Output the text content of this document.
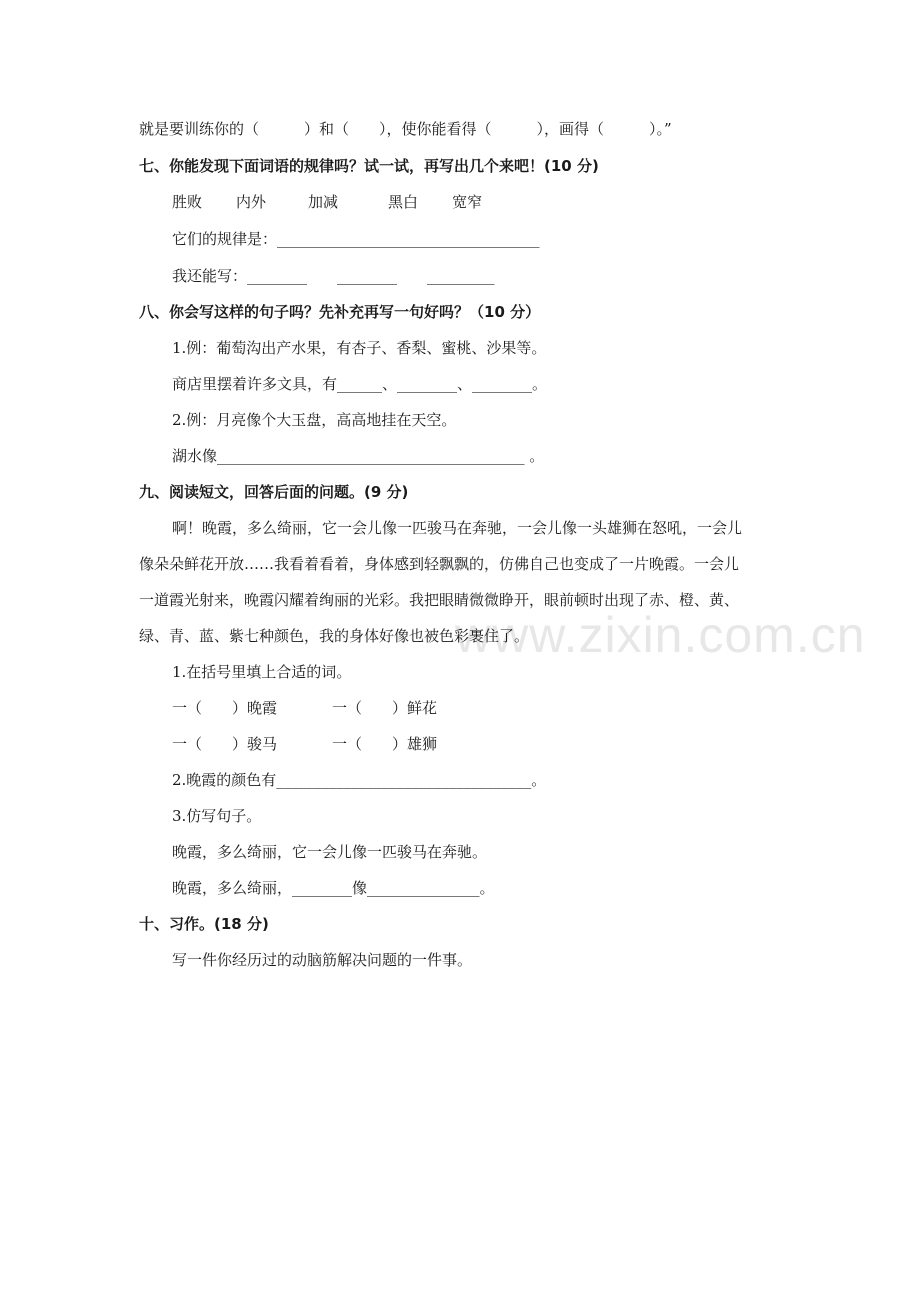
www.zixin.com.cn
就是要训练你的（　　　）和（　　），使你能看得（　　　），画得（　　　）。”
七、你能发现下面词语的规律吗？试一试，再写出几个来吧！(10 分)
胜败 内外	加减	黑白 宽窄
它们的规律是：___________________________________
我还能写：________　　________　　_________
八、你会写这样的句子吗？先补充再写一句好吗？（10 分）
1.例：葡萄沟出产水果，有杏子、香梨、蜜桃、沙果等。
商店里摆着许多文具，有______、________、________。
2.例：月亮像个大玉盘，高高地挂在天空。
湖水像_________________________________________ 。
九、阅读短文，回答后面的问题。(9 分)
啊！晚霞，多么绮丽，它一会儿像一匹骏马在奔驰，一会儿像一头雄狮在怒吼，一会儿
像朵朵鲜花开放……我看着看着，身体感到轻飘飘的，仿佛自己也变成了一片晚霞。一会儿
一道霞光射来，晚霞闪耀着绚丽的光彩。我把眼睛微微睁开，眼前顿时出现了赤、橙、黄、
绿、青、蓝、紫七种颜色，我的身体好像也被色彩裹住了。
1.在括号里填上合适的词。
一（　　）晚霞	一（　　）鲜花
一（　　）骏马	一（　　）雄狮
2.晚霞的颜色有__________________________________。
3.仿写句子。
晚霞，多么绮丽，它一会儿像一匹骏马在奔驰。
晚霞，多么绮丽，________像_______________。
十、习作。(18 分)
写一件你经历过的动脑筋解决问题的一件事。
